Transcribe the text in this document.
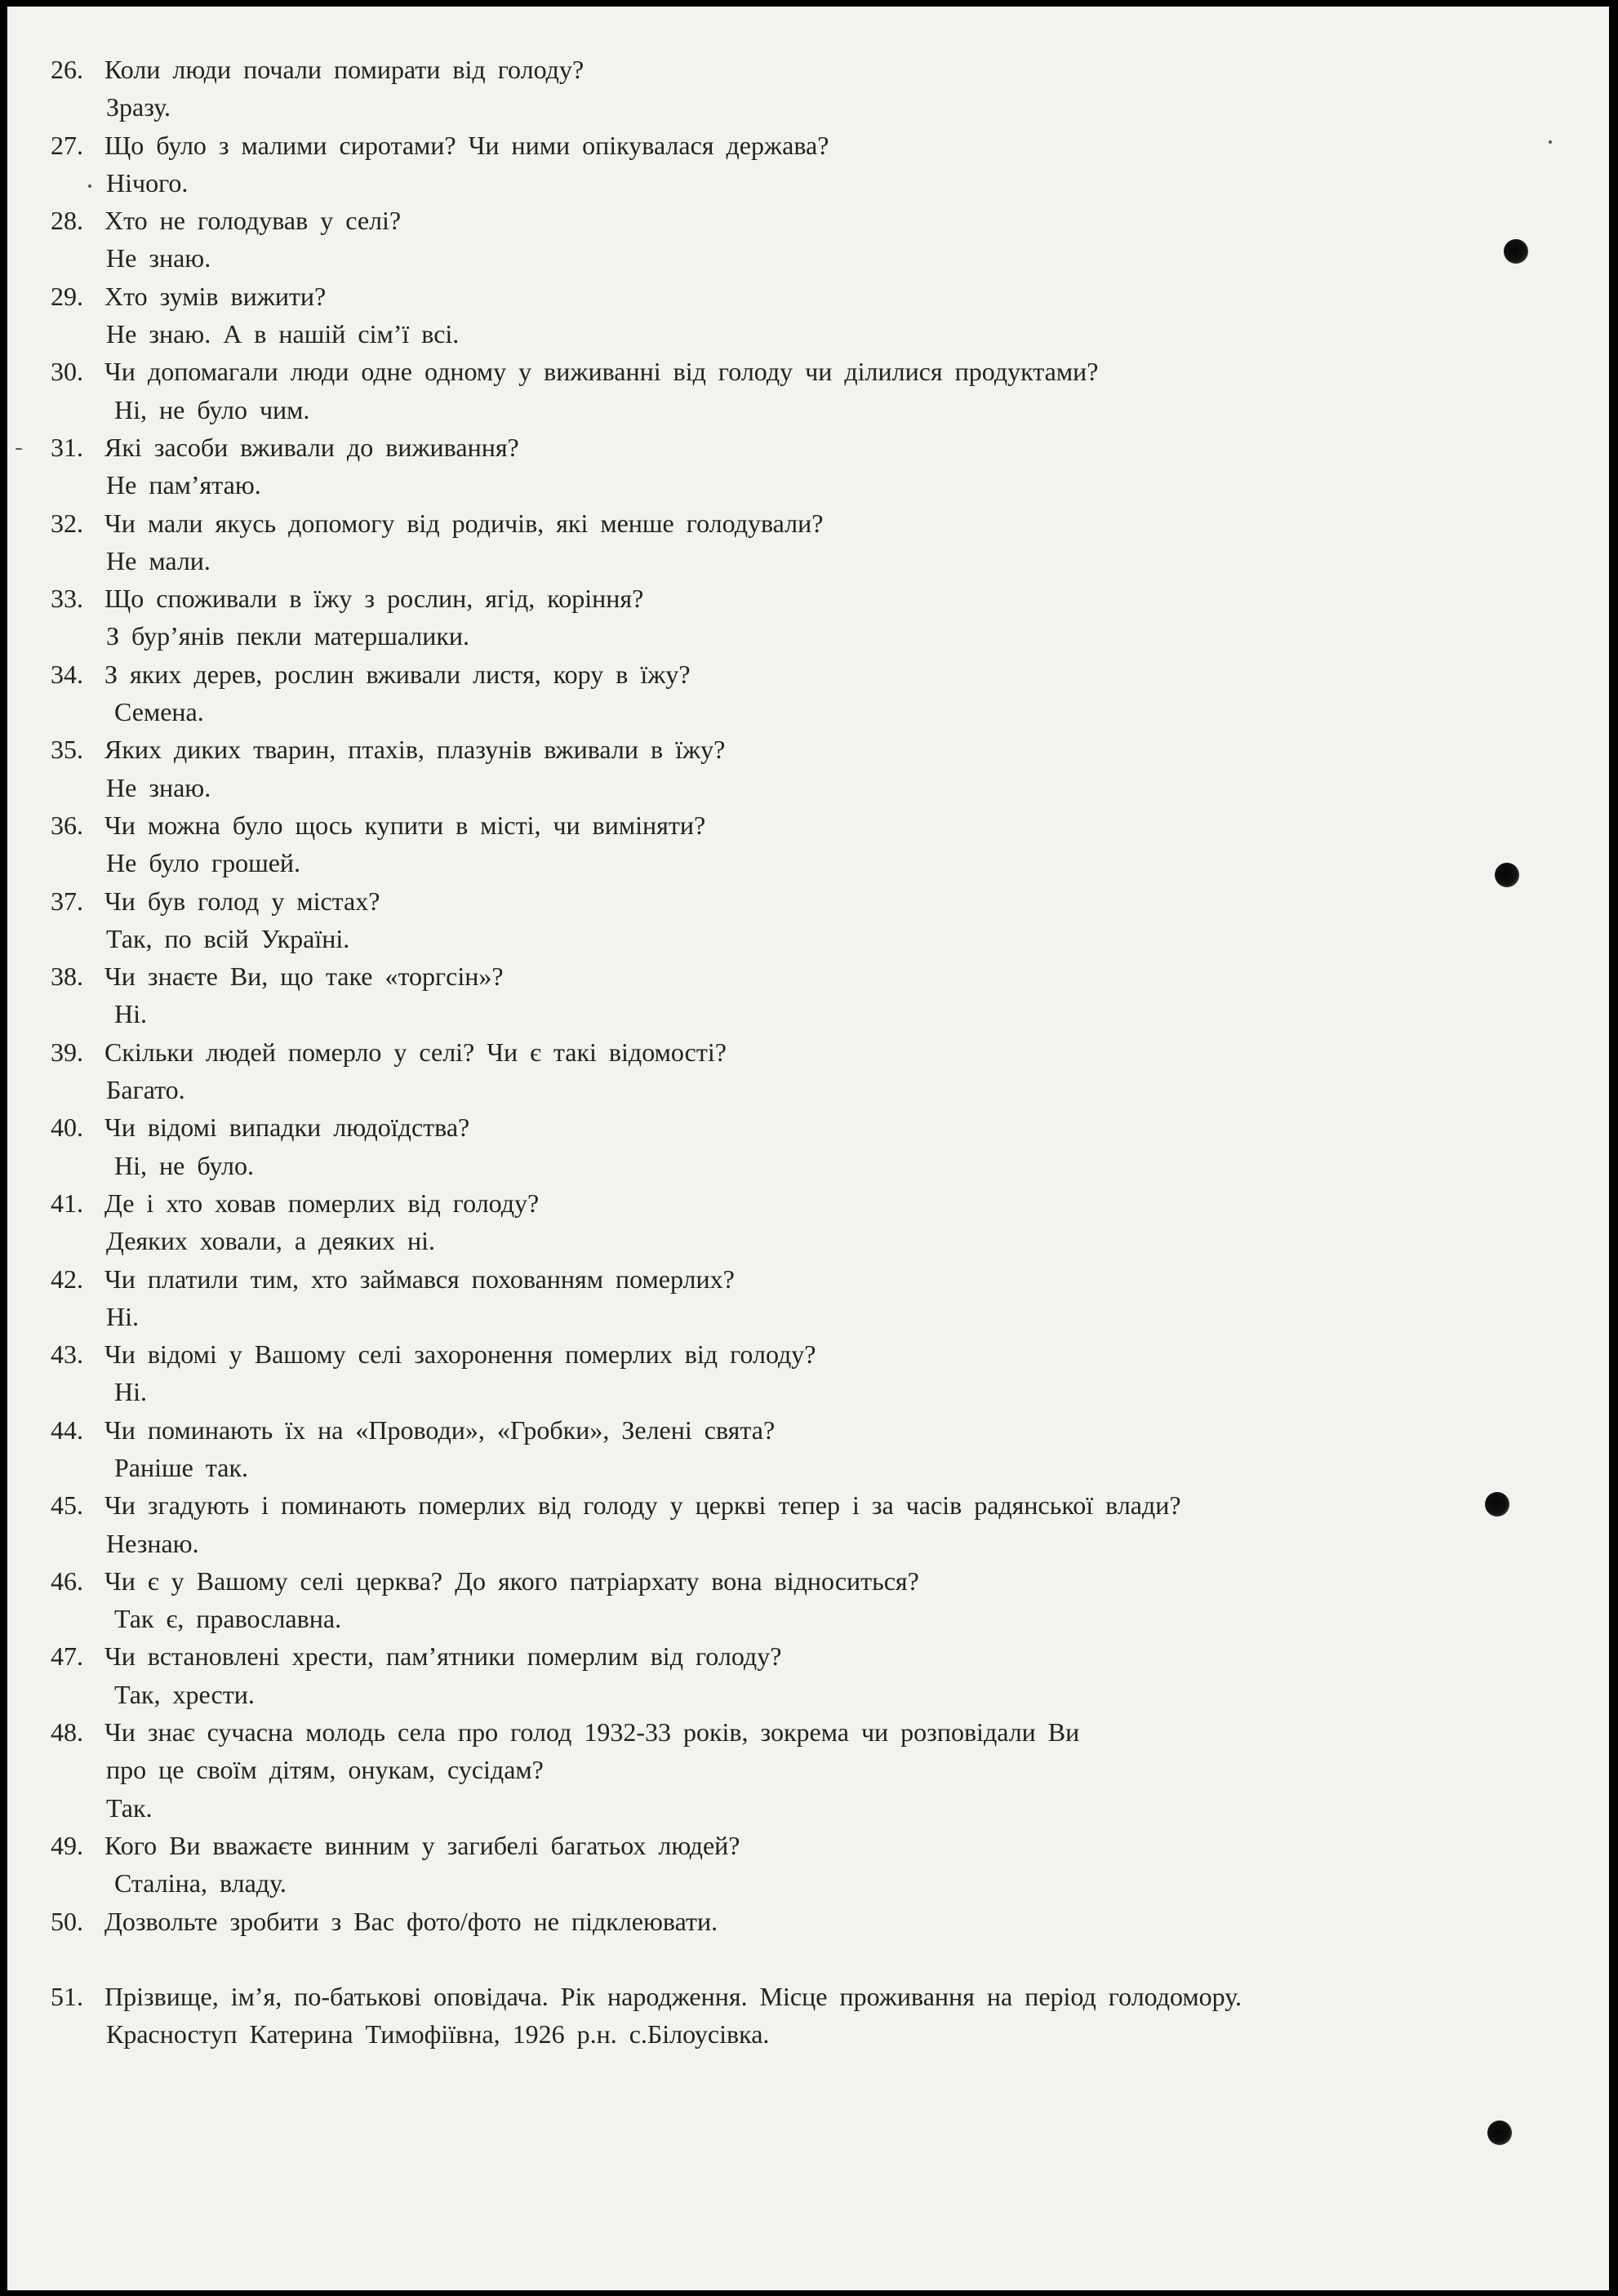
26. Коли люди почали помирати від голоду?
Зразу.
27. Що було з малими сиротами? Чи ними опікувалася держава?
Нічого.
28. Хто не голодував у селі?
Не знаю.
29. Хто зумів вижити?
Не знаю. А в нашій сім’ї всі.
30. Чи допомагали люди одне одному у виживанні від голоду чи ділилися продуктами?
Ні, не було чим.
31. Які засоби вживали до виживання?
Не пам’ятаю.
32. Чи мали якусь допомогу від родичів, які менше голодували?
Не мали.
33. Що споживали в їжу з рослин, ягід, коріння?
З бур’янів пекли матершалики.
34. З яких дерев, рослин вживали листя, кору в їжу?
Семена.
35. Яких диких тварин, птахів, плазунів вживали в їжу?
Не знаю.
36. Чи можна було щось купити в місті, чи виміняти?
Не було грошей.
37. Чи був голод у містах?
Так, по всій Україні.
38. Чи знаєте Ви, що таке «торгсін»?
Ні.
39. Скільки людей померло у селі? Чи є такі відомості?
Багато.
40. Чи відомі випадки людоїдства?
Ні, не було.
41. Де і хто ховав померлих від голоду?
Деяких ховали, а деяких ні.
42. Чи платили тим, хто займався похованням померлих?
Ні.
43. Чи відомі у Вашому селі захоронення померлих від голоду?
Ні.
44. Чи поминають їх на «Проводи», «Гробки», Зелені свята?
Раніше так.
45. Чи згадують і поминають померлих від голоду у церкві тепер і за часів радянської влади?
Незнаю.
46. Чи є у Вашому селі церква? До якого патріархату вона відноситься?
Так є, православна.
47. Чи встановлені хрести, пам’ятники померлим від голоду?
Так, хрести.
48. Чи знає сучасна молодь села про голод 1932-33 років, зокрема чи розповідали Ви
про це своїм дітям, онукам, сусідам?
Так.
49. Кого Ви вважаєте винним у загибелі багатьох людей?
Сталіна, владу.
50. Дозвольте зробити з Вас фото/фото не підклеювати.
51. Прізвище, ім’я, по-батькові оповідача. Рік народження. Місце проживання на період голодомору.
Красноступ Катерина Тимофіївна, 1926 р.н. с.Білоусівка.
